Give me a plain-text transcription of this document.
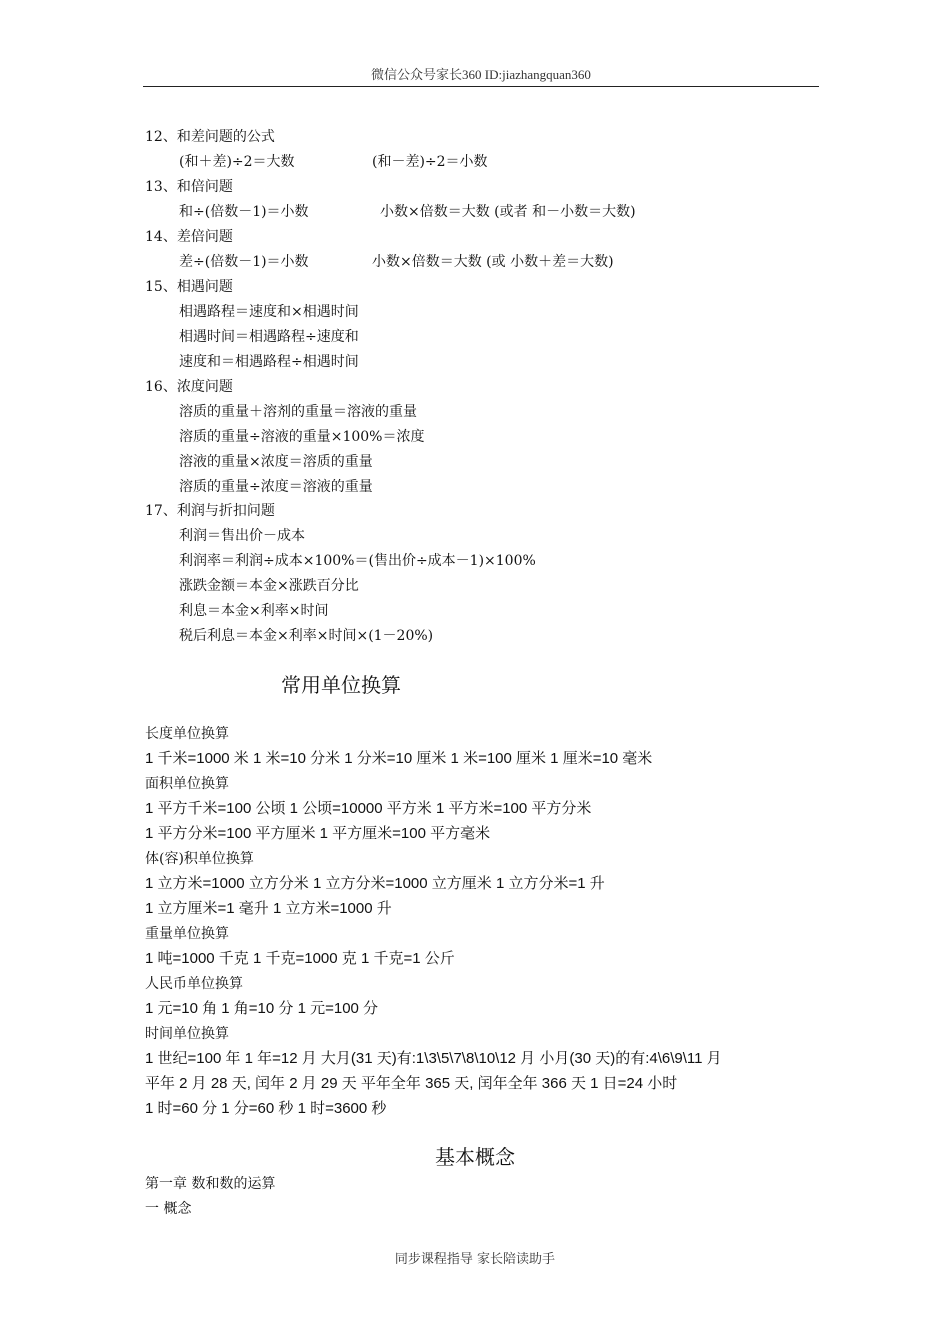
微信公众号家长360 ID:jiazhangquan360
12、和差问题的公式
(和＋差)÷2＝大数	(和－差)÷2＝小数
13、和倍问题
和÷(倍数－1)＝小数	小数×倍数＝大数 (或者 和－小数＝大数)
14、差倍问题
差÷(倍数－1)＝小数	小数×倍数＝大数 (或 小数＋差＝大数)
15、相遇问题
相遇路程＝速度和×相遇时间
相遇时间＝相遇路程÷速度和
速度和＝相遇路程÷相遇时间
16、浓度问题
溶质的重量＋溶剂的重量＝溶液的重量
溶质的重量÷溶液的重量×100%＝浓度
溶液的重量×浓度＝溶质的重量
溶质的重量÷浓度＝溶液的重量
17、利润与折扣问题
利润＝售出价－成本
利润率＝利润÷成本×100%＝(售出价÷成本－1)×100%
涨跌金额＝本金×涨跌百分比
利息＝本金×利率×时间
税后利息＝本金×利率×时间×(1－20%)
常用单位换算
长度单位换算
1 千米=1000 米 1 米=10 分米 1 分米=10 厘米 1 米=100 厘米 1 厘米=10 毫米
面积单位换算
1 平方千米=100 公顷 1 公顷=10000 平方米 1 平方米=100 平方分米
1 平方分米=100 平方厘米 1 平方厘米=100 平方毫米
体(容)积单位换算
1 立方米=1000 立方分米 1 立方分米=1000 立方厘米 1 立方分米=1 升
1 立方厘米=1 毫升 1 立方米=1000 升
重量单位换算
1 吨=1000 千克 1 千克=1000 克 1 千克=1 公斤
人民币单位换算
1 元=10 角 1 角=10 分 1 元=100 分
时间单位换算
1 世纪=100 年 1 年=12 月 大月(31 天)有:1\3\5\7\8\10\12 月 小月(30 天)的有:4\6\9\11 月
平年 2 月 28 天, 闰年 2 月 29 天 平年全年 365 天, 闰年全年 366 天 1 日=24 小时
1 时=60 分 1 分=60 秒 1 时=3600 秒
基本概念
第一章 数和数的运算
一 概念
同步课程指导 家长陪读助手
